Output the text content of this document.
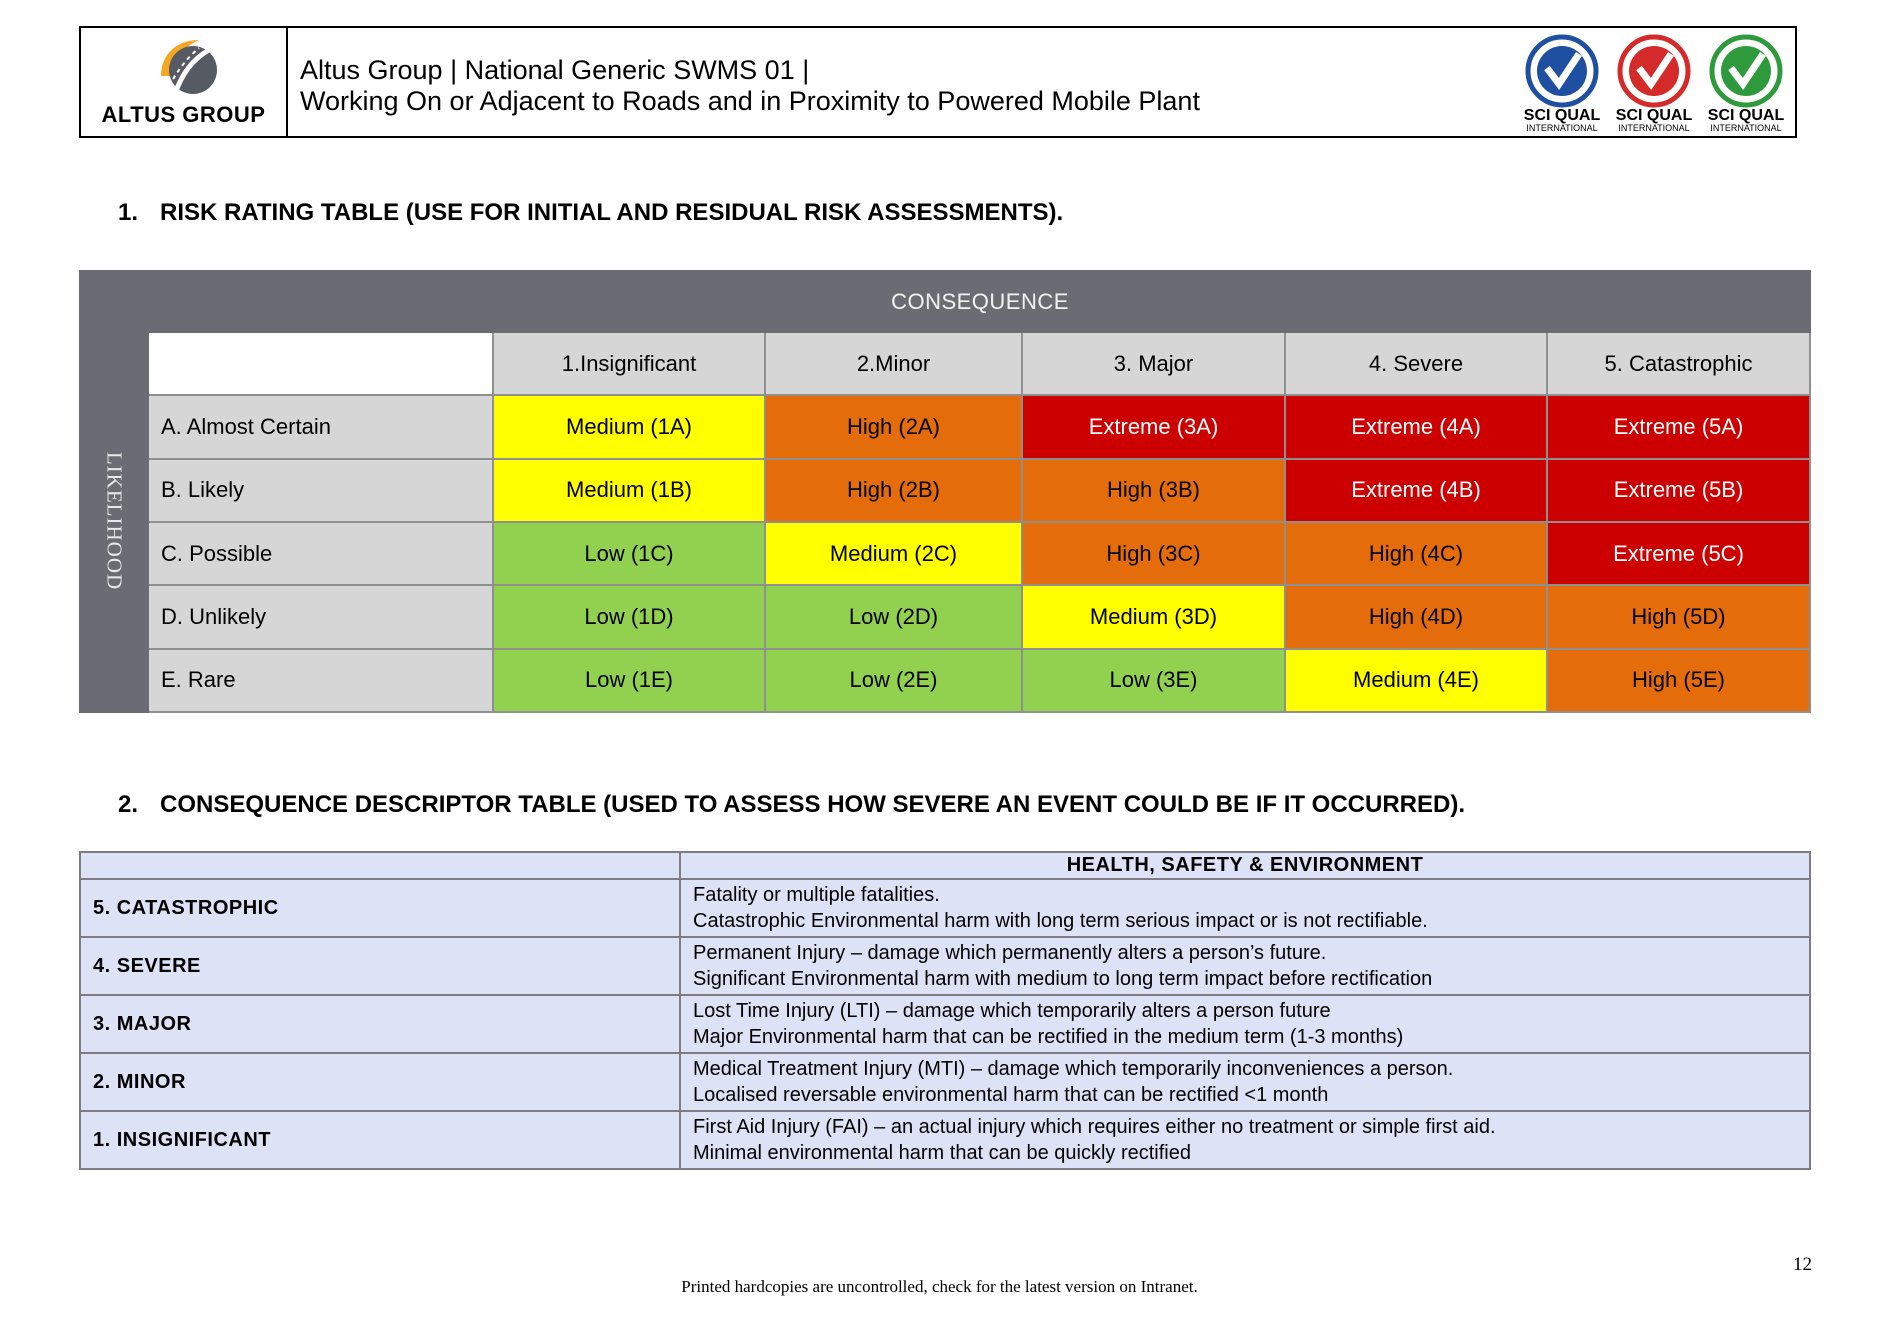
ALTUS GROUP
Altus Group | National Generic SWMS 01 |
Working On or Adjacent to Roads and in Proximity to Powered Mobile Plant	SCI QUAL
INTERNATIONAL
SCI QUAL
INTERNATIONAL
SCI QUAL
INTERNATIONAL
1. RISK RATING TABLE (USE FOR INITIAL AND RESIDUAL RISK ASSESSMENTS).
LIKELIHOOD
CONSEQUENCE
1.Insignificant	2.Minor	3. Major	4. Severe	5. Catastrophic
A. Almost Certain	Medium (1A)	High (2A)	Extreme (3A)	Extreme (4A)	Extreme (5A)
B. Likely	Medium (1B)	High (2B)	High (3B)	Extreme (4B)	Extreme (5B)
C. Possible	Low (1C)	Medium (2C)	High (3C)	High (4C)	Extreme (5C)
D. Unlikely	Low (1D)	Low (2D)	Medium (3D)	High (4D)	High (5D)
E. Rare	Low (1E)	Low (2E)	Low (3E)	Medium (4E)	High (5E)
2. CONSEQUENCE DESCRIPTOR TABLE (USED TO ASSESS HOW SEVERE AN EVENT COULD BE IF IT OCCURRED).
	HEALTH, SAFETY & ENVIRONMENT
5. CATASTROPHIC	Fatality or multiple fatalities.
Catastrophic Environmental harm with long term serious impact or is not rectifiable.

4. SEVERE	Permanent Injury – damage which permanently alters a person’s future.
Significant Environmental harm with medium to long term impact before rectification

3. MAJOR	Lost Time Injury (LTI) – damage which temporarily alters a person future
Major Environmental harm that can be rectified in the medium term (1-3 months)

2. MINOR	Medical Treatment Injury (MTI) – damage which temporarily inconveniences a person.
Localised reversable environmental harm that can be rectified <1 month

1. INSIGNIFICANT	First Aid Injury (FAI) – an actual injury which requires either no treatment or simple first aid.
Minimal environmental harm that can be quickly rectified
12
Printed hardcopies are uncontrolled, check for the latest version on Intranet.
